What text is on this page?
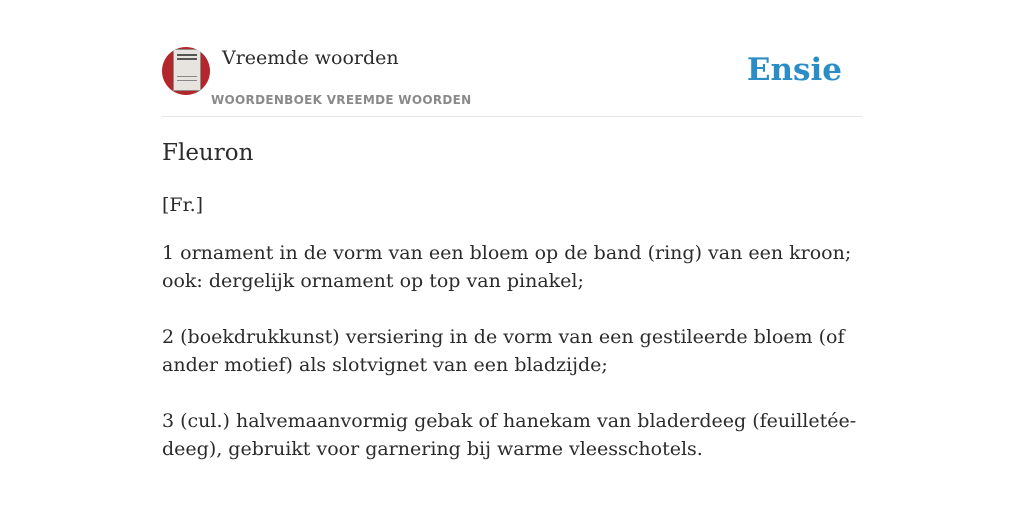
Vreemde woorden
WOORDENBOEK VREEMDE WOORDEN
Ensie
Fleuron
[Fr.]

1 ornament in de vorm van een bloem op de band (ring) van een kroon; ook: dergelijk ornament op top van pinakel;

2 (boekdrukkunst) versiering in de vorm van een gestileerde bloem (of ander motief) als slotvignet van een bladzijde;

3 (cul.) halvemaanvormig gebak of hanekam van bladerdeeg (feuilletée-deeg), gebruikt voor garnering bij warme vleesschotels.
